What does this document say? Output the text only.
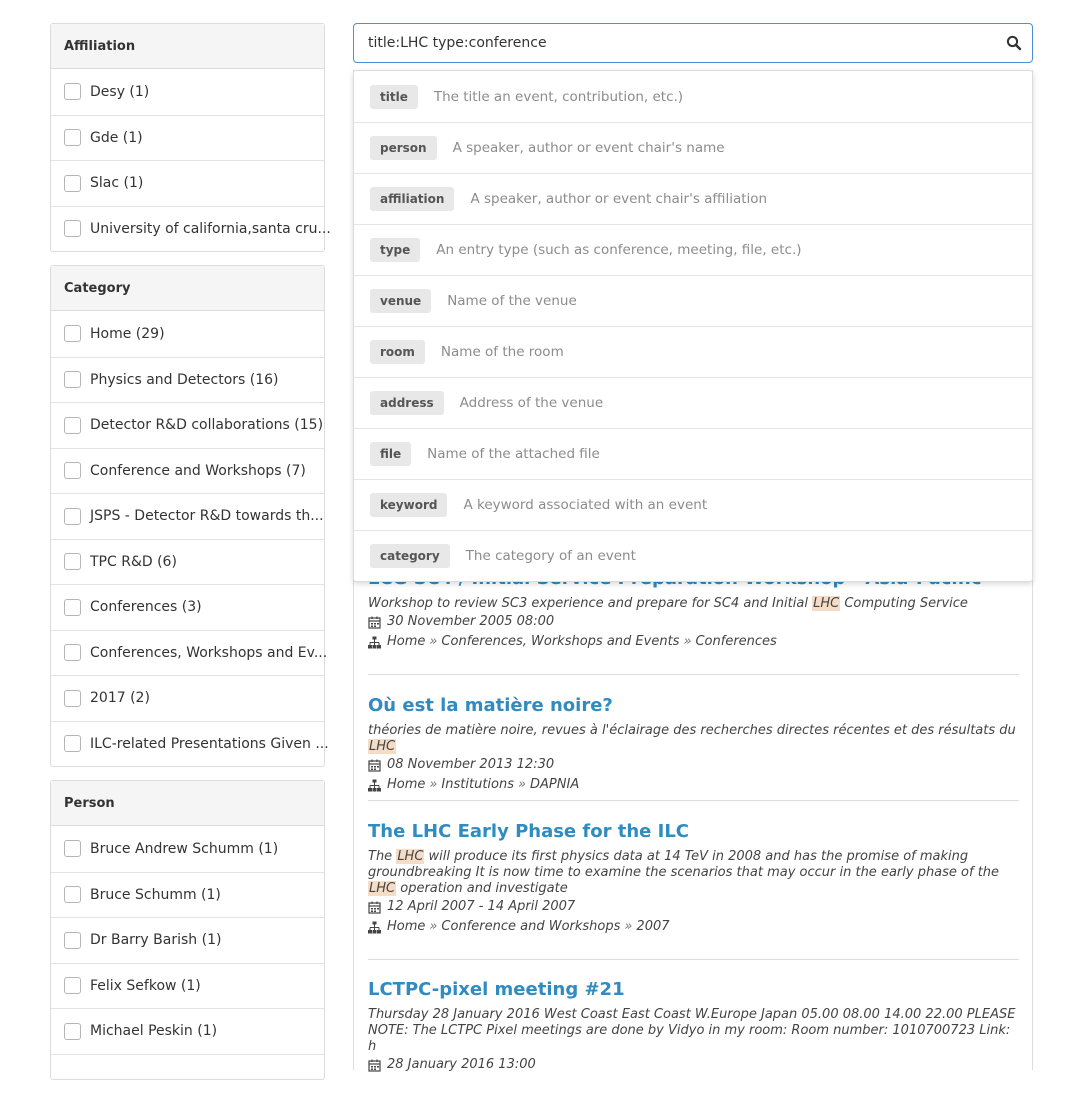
Affiliation
Desy (1)
Gde (1)
Slac (1)
University of california,santa cru...
Category
Home (29)
Physics and Detectors (16)
Detector R&D collaborations (15)
Conference and Workshops (7)
JSPS - Detector R&D towards th...
TPC R&D (6)
Conferences (3)
Conferences, Workshops and Ev...
2017 (2)
ILC-related Presentations Given ...
Person
Bruce Andrew Schumm (1)
Bruce Schumm (1)
Dr Barry Barish (1)
Felix Sefkow (1)
Michael Peskin (1)
title:LHC type:conference
Workshop to review SC3 experience and prepare for SC4 and Initial LHC Computing Service
30 November 2005 08:00
Home » Conferences, Workshops and Events » Conferences
Où est la matière noire?
théories de matière noire, revues à l'éclairage des recherches directes récentes et des résultats du LHC
08 November 2013 12:30
Home » Institutions » DAPNIA
The LHC Early Phase for the ILC
The LHC will produce its first physics data at 14 TeV in 2008 and has the promise of making groundbreaking It is now time to examine the scenarios that may occur in the early phase of the LHC operation and investigate
12 April 2007 - 14 April 2007
Home » Conference and Workshops » 2007
LCTPC-pixel meeting #21
Thursday 28 January 2016 West Coast East Coast W.Europe Japan 05.00 08.00 14.00 22.00 PLEASE NOTE: The LCTPC Pixel meetings are done by Vidyo in my room: Room number: 1010700723 Link: h
28 January 2016 13:00
title	The title an event, contribution, etc.)
person	A speaker, author or event chair's name
affiliation	A speaker, author or event chair's affiliation
type	An entry type (such as conference, meeting, file, etc.)
venue	Name of the venue
room	Name of the room
address	Address of the venue
file	Name of the attached file
keyword	A keyword associated with an event
category	The category of an event
